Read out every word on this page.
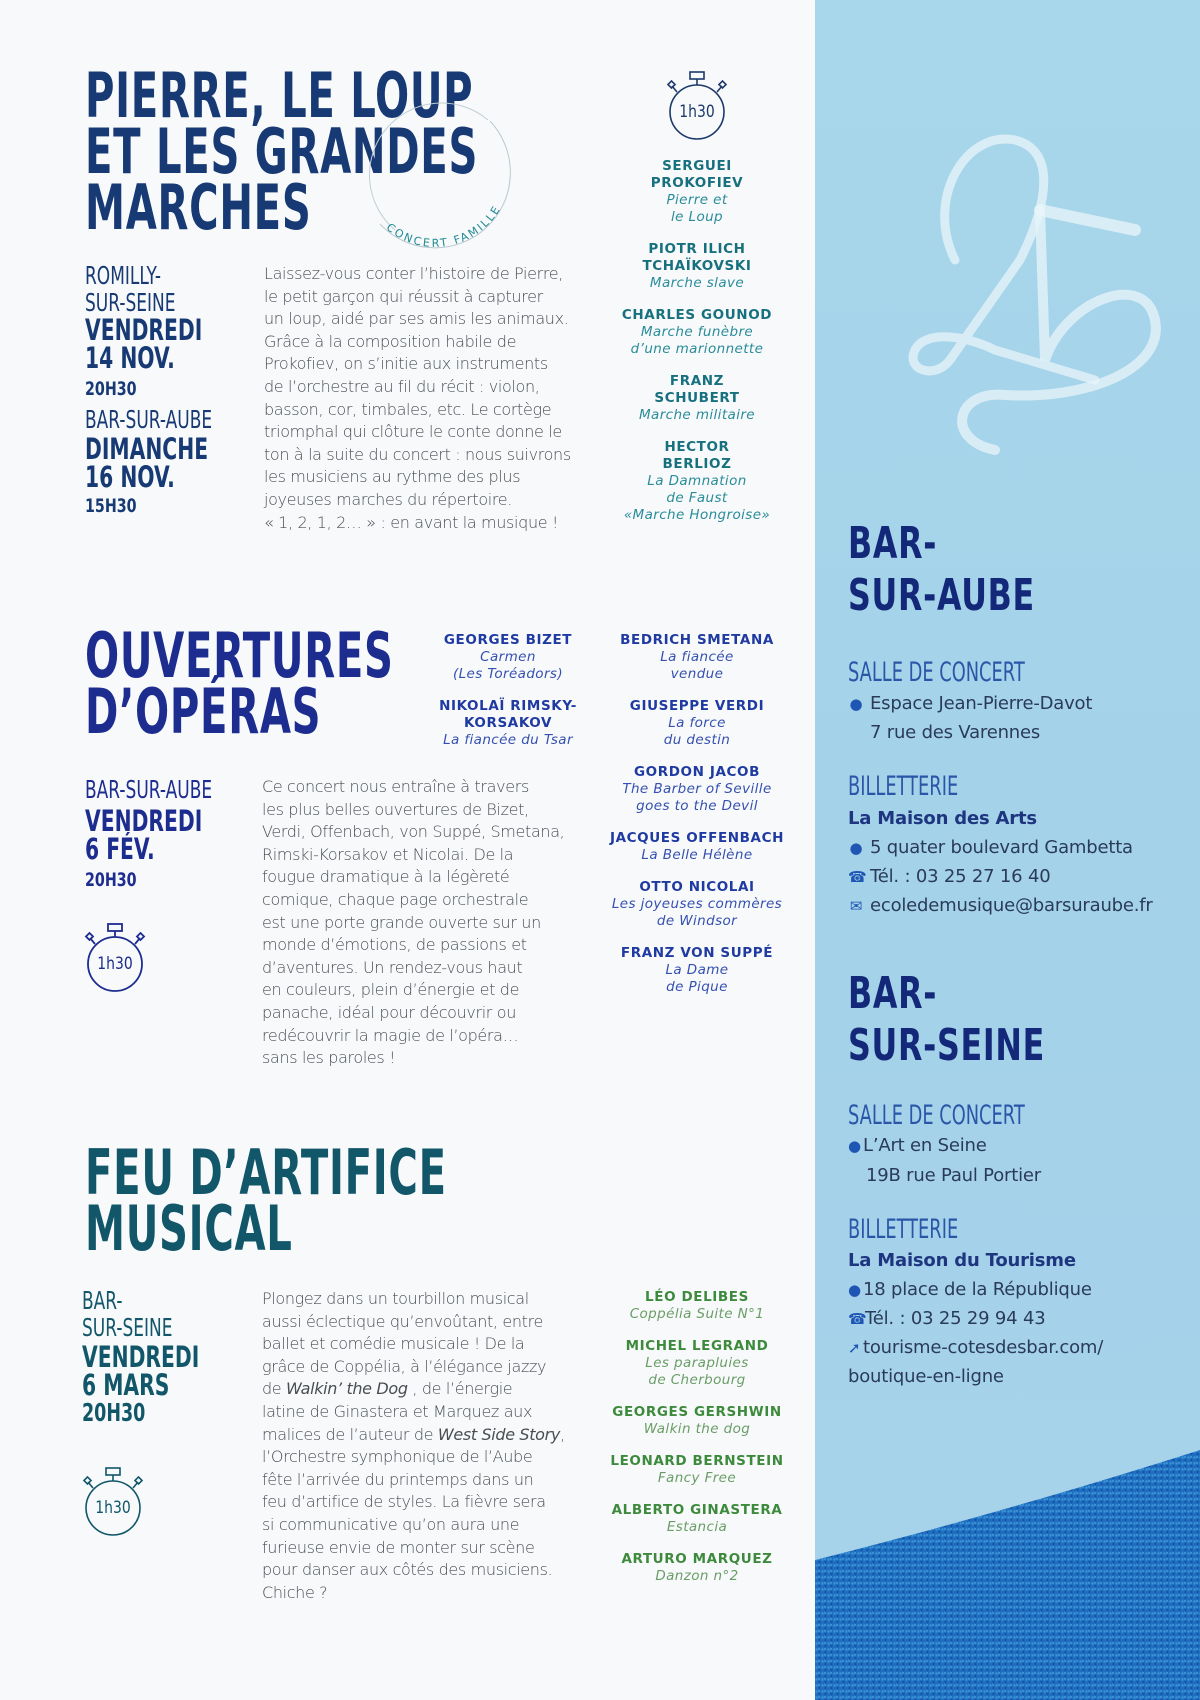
BAR-
SUR-AUBE
SALLE DE CONCERT
● Espace Jean-Pierre-Davot
7 rue des Varennes
BILLETTERIE
La Maison des Arts
● 5 quater boulevard Gambetta
☎ Tél. : 03 25 27 16 40
✉ ecoledemusique@barsuraube.fr
BAR-
SUR-SEINE
SALLE DE CONCERT
● L’Art en Seine
19B rue Paul Portier
BILLETTERIE
La Maison du Tourisme
● 18 place de la République
☎Tél. : 03 25 29 94 43
➚ tourisme-cotesdesbar.com/
boutique-en-ligne
PIERRE, LE LOUP
ET LES GRANDES
MARCHES	CONCERT FAMILLE
1h30
ROMILLY-
SUR-SEINE
VENDREDI
14 NOV.
20H30
BAR-SUR-AUBE
DIMANCHE
16 NOV.
15H30
Laissez-vous conter l’histoire de Pierre,
le petit garçon qui réussit à capturer
un loup, aidé par ses amis les animaux.
Grâce à la composition habile de
Prokofiev, on s’initie aux instruments
de l’orchestre au fil du récit : violon,
basson, cor, timbales, etc. Le cortège
triomphal qui clôture le conte donne le
ton à la suite du concert : nous suivrons
les musiciens au rythme des plus
joyeuses marches du répertoire.
« 1, 2, 1, 2… » : en avant la musique !
SERGUEI
PROKOFIEV
Pierre et
le Loup
PIOTR ILICH
TCHAÏKOVSKI
Marche slave
CHARLES GOUNOD
Marche funèbre
d’une marionnette
FRANZ
SCHUBERT
Marche militaire
HECTOR
BERLIOZ
La Damnation
de Faust
«Marche Hongroise»
OUVERTURES
D’OPÉRAS
GEORGES BIZET
Carmen
(Les Toréadors)
NIKOLAÏ RIMSKY-
KORSAKOV
La fiancée du Tsar
BEDRICH SMETANA
La fiancée
vendue
GIUSEPPE VERDI
La force
du destin
GORDON JACOB
The Barber of Seville
goes to the Devil
JACQUES OFFENBACH
La Belle Hélène
OTTO NICOLAI
Les joyeuses commères
de Windsor
FRANZ VON SUPPÉ
La Dame
de Pique
BAR-SUR-AUBE
VENDREDI
6 FÉV.
20H30
1h30
Ce concert nous entraîne à travers
les plus belles ouvertures de Bizet,
Verdi, Offenbach, von Suppé, Smetana,
Rimski-Korsakov et Nicolai. De la
fougue dramatique à la légèreté
comique, chaque page orchestrale
est une porte grande ouverte sur un
monde d’émotions, de passions et
d’aventures. Un rendez-vous haut
en couleurs, plein d’énergie et de
panache, idéal pour découvrir ou
redécouvrir la magie de l’opéra…
sans les paroles !
FEU D’ARTIFICE
MUSICAL
BAR-
SUR-SEINE
VENDREDI
6 MARS
20H30
1h30
Plongez dans un tourbillon musical
aussi éclectique qu’envoûtant, entre
ballet et comédie musicale ! De la
grâce de Coppélia, à l’élégance jazzy
de Walkin’ the Dog , de l’énergie
latine de Ginastera et Marquez aux
malices de l’auteur de West Side Story,
l’Orchestre symphonique de l’Aube
fête l’arrivée du printemps dans un
feu d’artifice de styles. La fièvre sera
si communicative qu’on aura une
furieuse envie de monter sur scène
pour danser aux côtés des musiciens.
Chiche ?
LÉO DELIBES
Coppélia Suite N°1
MICHEL LEGRAND
Les parapluies
de Cherbourg
GEORGES GERSHWIN
Walkin the dog
LEONARD BERNSTEIN
Fancy Free
ALBERTO GINASTERA
Estancia
ARTURO MARQUEZ
Danzon n°2
